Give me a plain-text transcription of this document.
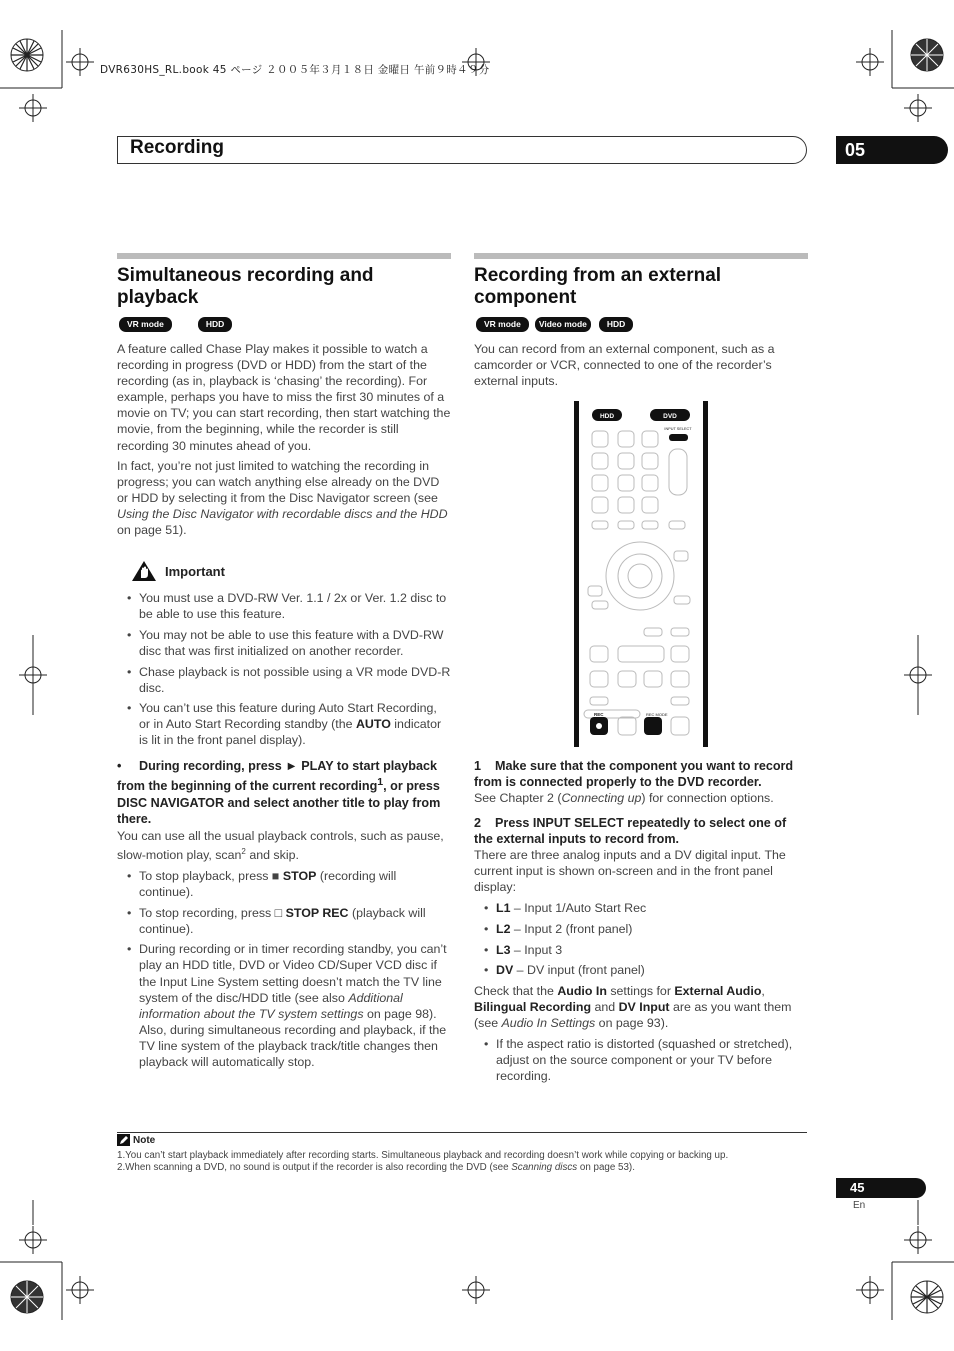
DVR630HS_RL.book 45 ページ ２００５年３月１８日 金曜日 午前９時４９分
Recording	05
Simultaneous recording and playback
VR mode	HDD

A feature called Chase Play makes it possible to watch a recording in progress (DVD or HDD) from the start of the recording (as in, playback is ‘chasing’ the recording). For example, perhaps you have to miss the first 30 minutes of a movie on TV; you can start recording, then start watching the movie, from the beginning, while the recorder is still recording 30 minutes ahead of you.

In fact, you’re not just limited to watching the recording in progress; you can watch anything else already on the DVD or HDD by selecting it from the Disc Navigator screen (see Using the Disc Navigator with recordable discs and the HDD on page 51).

Important
• You must use a DVD-RW Ver. 1.1 / 2x or Ver. 1.2 disc to be able to use this feature.
• You may not be able to use this feature with a DVD-RW disc that was first initialized on another recorder.
• Chase playback is not possible using a VR mode DVD-R disc.
• You can’t use this feature during Auto Start Recording, or in Auto Start Recording standby (the AUTO indicator is lit in the front panel display).

• During recording, press ► PLAY to start playback from the beginning of the current recording$^1$, or press DISC NAVIGATOR and select another title to play from there.

You can use all the usual playback controls, such as pause, slow-motion play, scan$^2$ and skip.

• To stop playback, press ■ STOP (recording will continue).
• To stop recording, press □ STOP REC (playback will continue).
• During recording or in timer recording standby, you can’t play an HDD title, DVD or Video CD/Super VCD disc if the Input Line System setting doesn’t match the TV line system of the disc/HDD title (see also Additional information about the TV system settings on page 98). Also, during simultaneous recording and playback, if the TV line system of the playback track/title changes then playback will automatically stop.
Recording from an external component
VR mode	Video mode	HDD

You can record from an external component, such as a camcorder or VCR, connected to one of the recorder’s external inputs.

HDD	DVD
INPUT SELECT
REC	REC MODE

1 Make sure that the component you want to record from is connected properly to the DVD recorder.

See Chapter 2 (Connecting up) for connection options.

2 Press INPUT SELECT repeatedly to select one of the external inputs to record from.

There are three analog inputs and a DV digital input. The current input is shown on-screen and in the front panel display:

• L1 – Input 1/Auto Start Rec
• L2 – Input 2 (front panel)
• L3 – Input 3
• DV – DV input (front panel)

Check that the Audio In settings for External Audio, Bilingual Recording and DV Input are as you want them (see Audio In Settings on page 93).

• If the aspect ratio is distorted (squashed or stretched), adjust on the source component or your TV before recording.
Note
1.You can’t start playback immediately after recording starts. Simultaneous playback and recording doesn’t work while copying or backing up.
2.When scanning a DVD, no sound is output if the recorder is also recording the DVD (see Scanning discs on page 53).
45
En
